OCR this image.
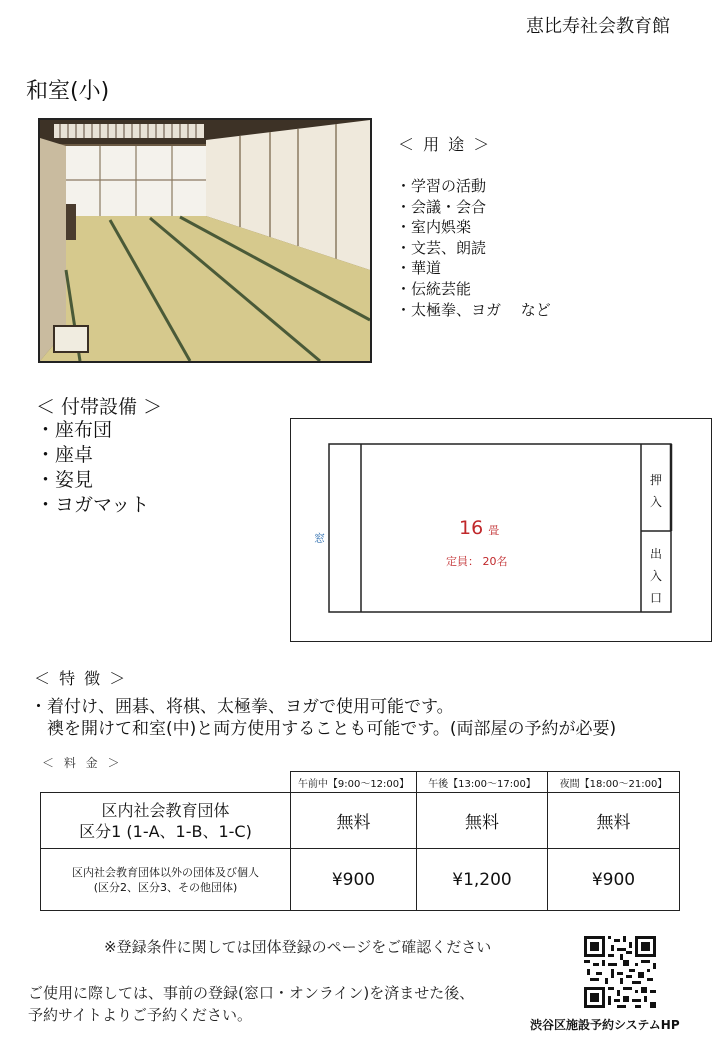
恵比寿社会教育館
和室(小)
＜ 用 途 ＞
・学習の活動
・会議・会合
・室内娯楽
・文芸、朗読
・華道
・伝統芸能
・太極拳、ヨガ　 など
＜ 付帯設備 ＞
・座布団
・座卓
・姿見
・ヨガマット
窓	16 畳
定員： 20名
押入
出入口
＜ 特 徴 ＞
・着付け、囲碁、将棋、太極拳、ヨガで使用可能です。
　襖を開けて和室(中)と両方使用することも可能です。(両部屋の予約が必要)
＜ 料 金 ＞
	午前中【9:00～12:00】	午後【13:00～17:00】	夜間【18:00～21:00】

区内社会教育団体
区分1 (1-A、1-B、1-C)	無料	無料	無料

区内社会教育団体以外の団体及び個人
(区分2、区分3、その他団体)	¥900	¥1,200	¥900
※登録条件に関しては団体登録のページをご確認ください
ご使用に際しては、事前の登録(窓口・オンライン)を済ませた後、
予約サイトよりご予約ください。
渋谷区施設予約システムHP
